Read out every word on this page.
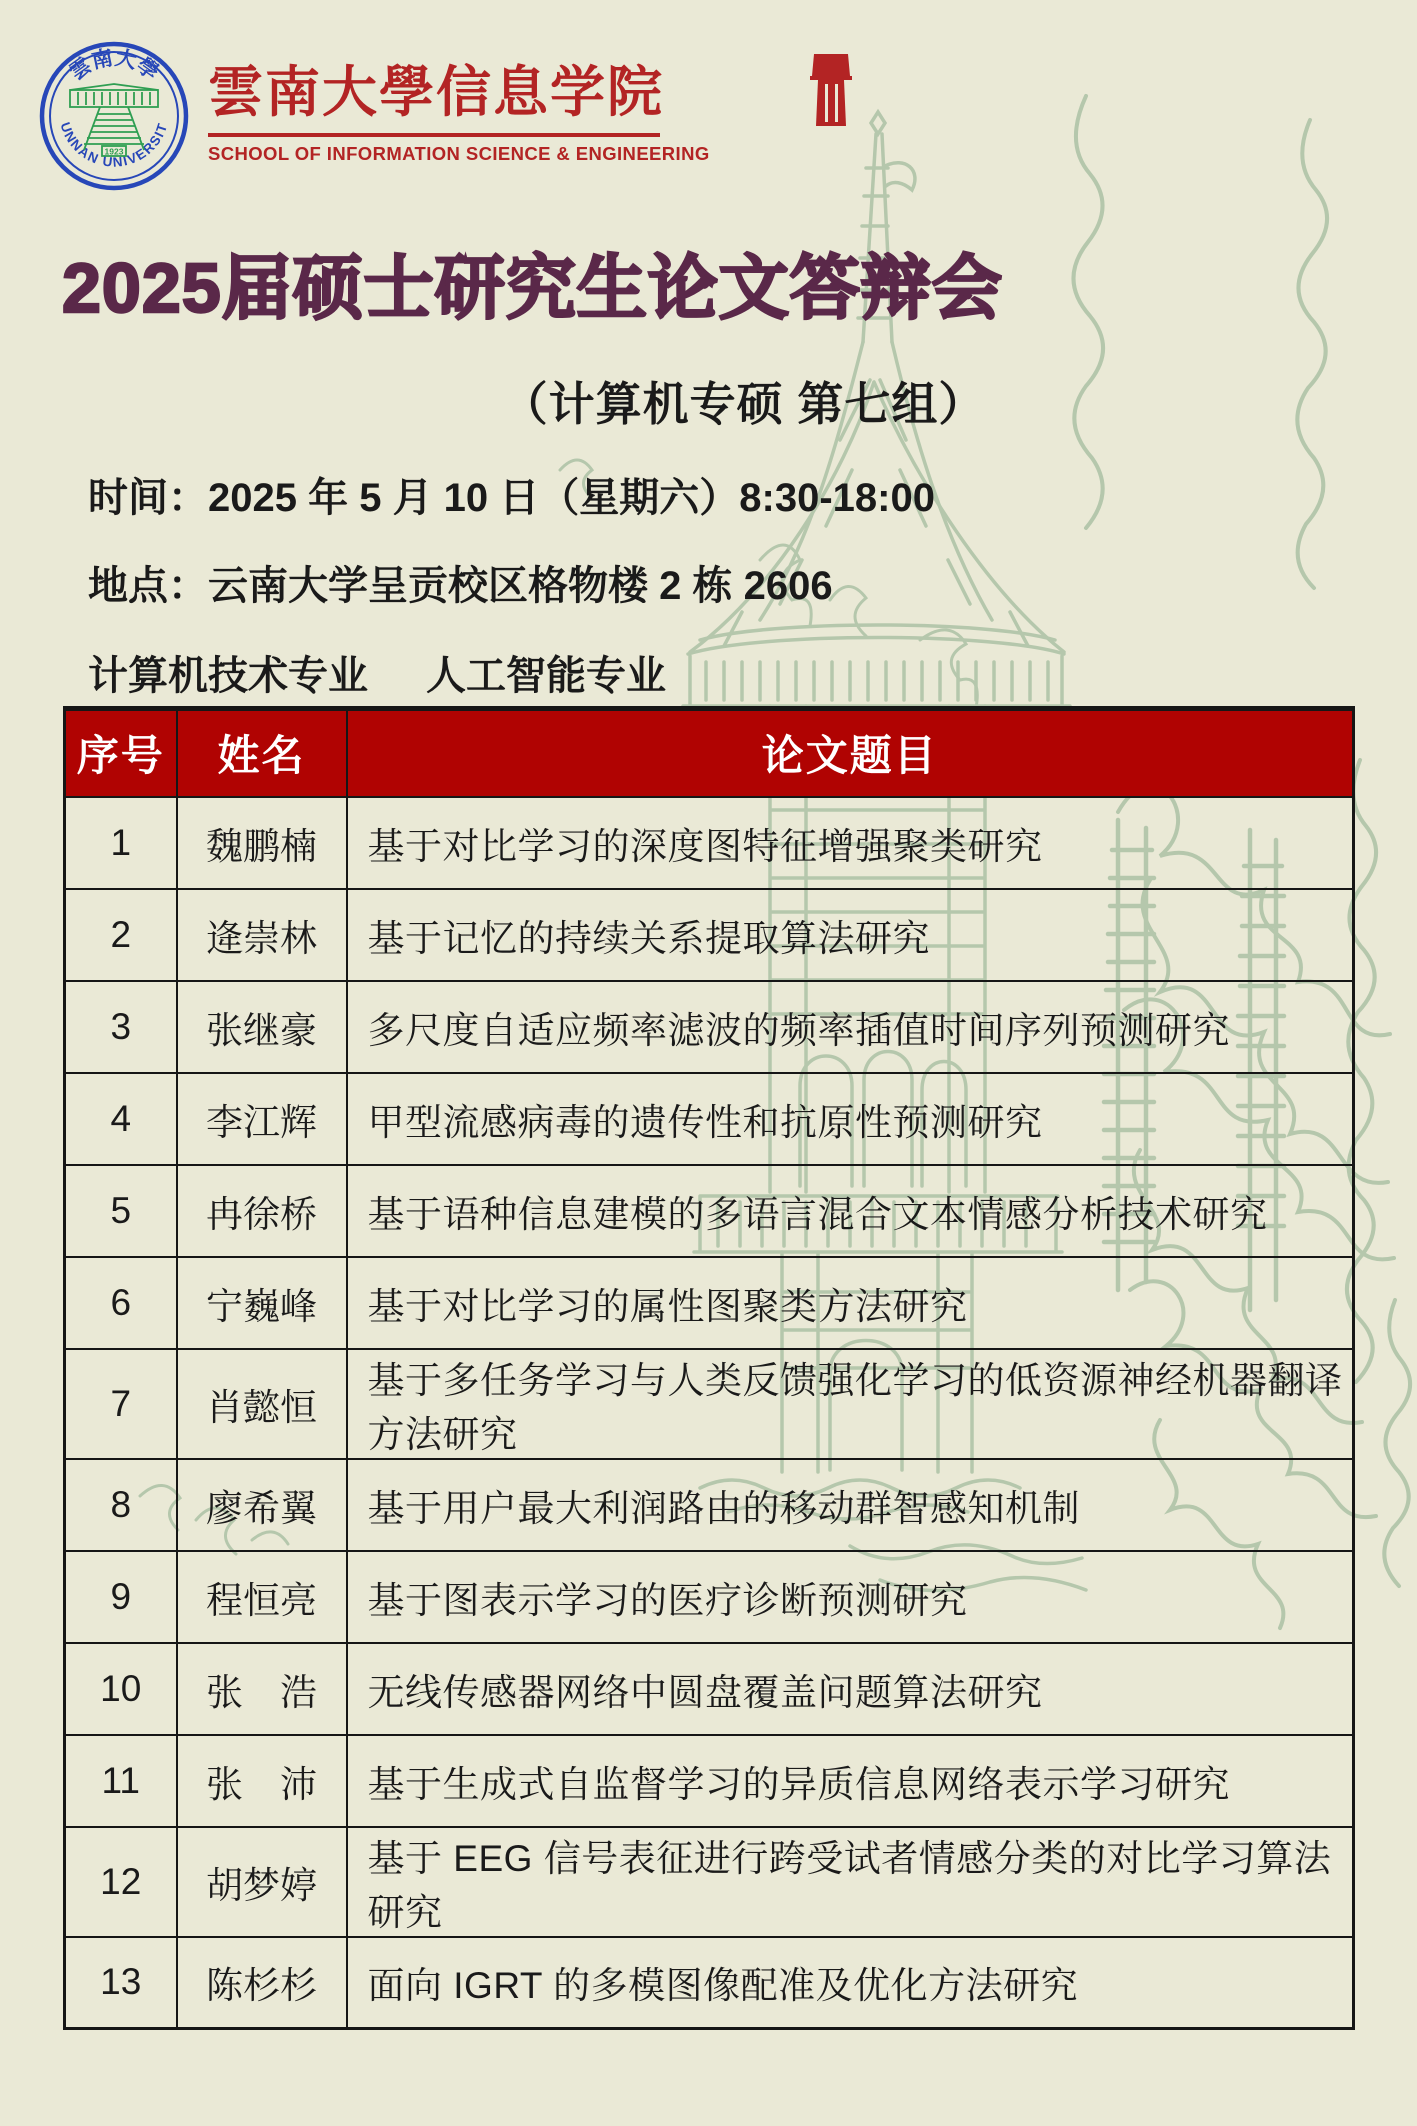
雲南大學
YUNNAN UNIVERSITY
1923
雲南大學信息学院
SCHOOL OF INFORMATION SCIENCE & ENGINEERING
2025届硕士研究生论文答辩会
（计算机专硕 第七组）
时间：2025 年 5 月 10 日（星期六）8:30-18:00
地点：云南大学呈贡校区格物楼 2 栋 2606
计算机技术专业 人工智能专业
序号	姓名	论文题目
1	魏鹏楠	基于对比学习的深度图特征增强聚类研究
2	逄崇林	基于记忆的持续关系提取算法研究
3	张继豪	多尺度自适应频率滤波的频率插值时间序列预测研究
4	李江辉	甲型流感病毒的遗传性和抗原性预测研究
5	冉徐桥	基于语种信息建模的多语言混合文本情感分析技术研究
6	宁巍峰	基于对比学习的属性图聚类方法研究
7	肖懿恒	基于多任务学习与人类反馈强化学习的低资源神经机器翻译方法研究
8	廖希翼	基于用户最大利润路由的移动群智感知机制
9	程恒亮	基于图表示学习的医疗诊断预测研究
10	张　浩	无线传感器网络中圆盘覆盖问题算法研究
11	张　沛	基于生成式自监督学习的异质信息网络表示学习研究
12	胡梦婷	基于 EEG 信号表征进行跨受试者情感分类的对比学习算法研究
13	陈杉杉	面向 IGRT 的多模图像配准及优化方法研究
